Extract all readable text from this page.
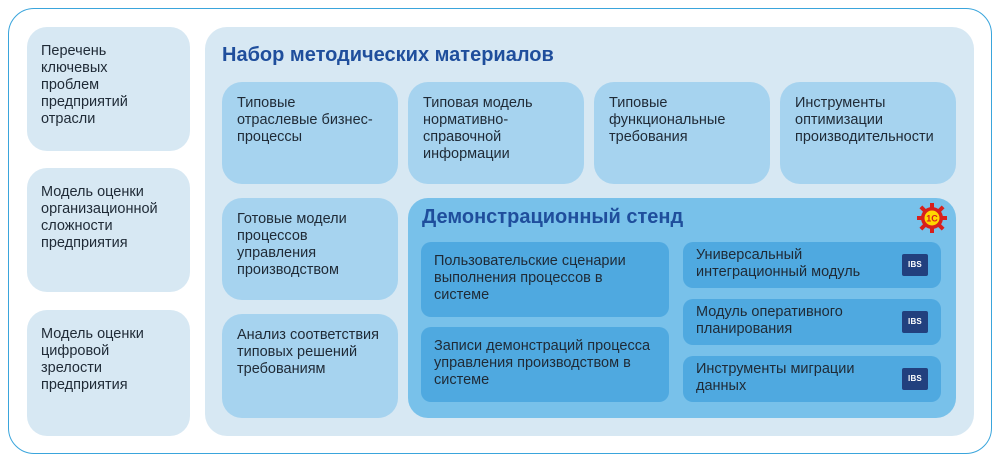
Перечень ключевых проблем предприятий отрасли
Модель оценки организационной сложности предприятия
Модель оценки цифровой зрелости предприятия
Набор методических материалов
Типовые отраслевые бизнес-процессы
Типовая модель нормативно-справочной информации
Типовые функциональные требования
Инструменты оптимизации производительности
Готовые модели процессов управления производством
Анализ соответствия типовых решений требованиям
Демонстрационный стенд	1С
Пользовательские сценарии выполнения процессов в системе
Записи демонстраций процесса управления производством в системе
Универсальный интеграционный модуль	IBS
Модуль оперативного планирования	IBS
Инструменты миграции данных	IBS
